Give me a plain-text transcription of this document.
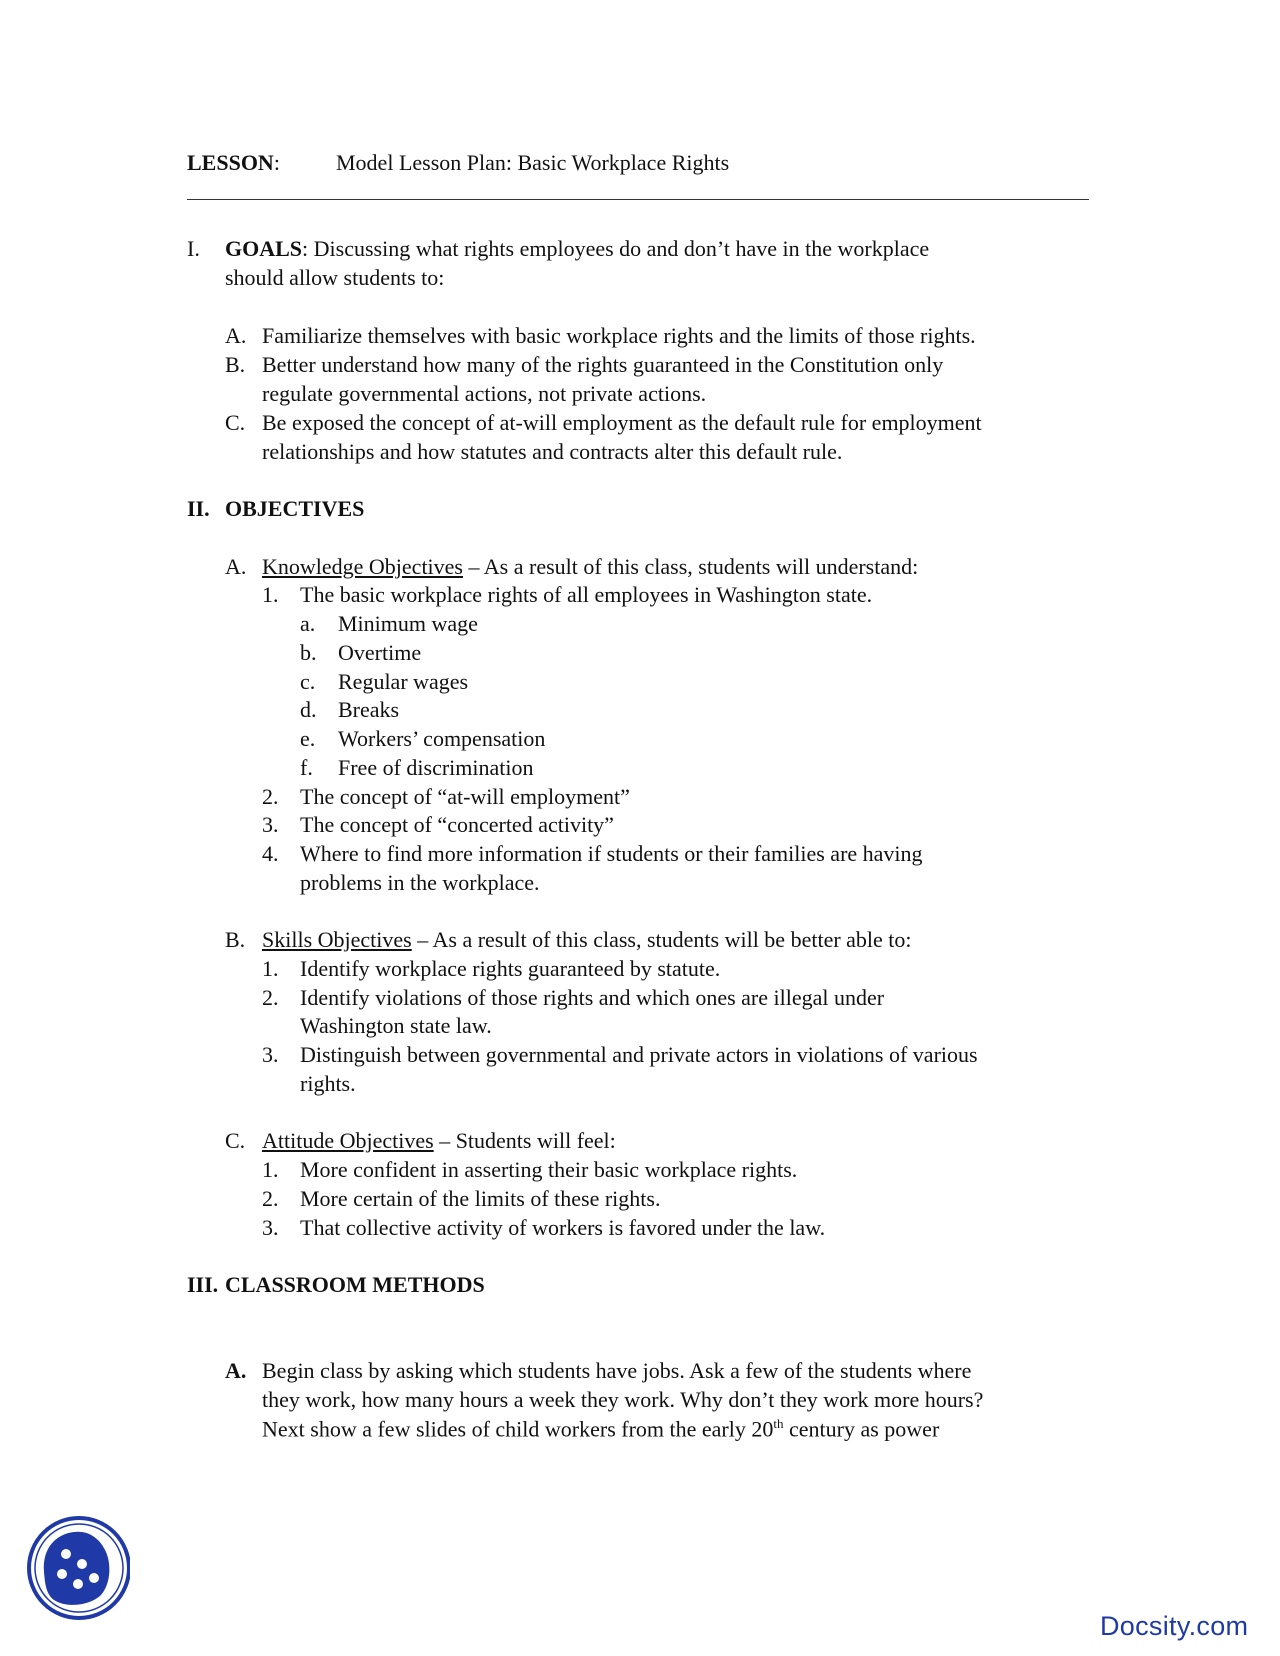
LESSON:	Model Lesson Plan: Basic Workplace Rights
I. GOALS: Discussing what rights employees do and don’t have in the workplace
should allow students to:
A. Familiarize themselves with basic workplace rights and the limits of those rights.
B. Better understand how many of the rights guaranteed in the Constitution only
regulate governmental actions, not private actions.
C. Be exposed the concept of at-will employment as the default rule for employment
relationships and how statutes and contracts alter this default rule.
II. OBJECTIVES
A. Knowledge Objectives – As a result of this class, students will understand:
1. The basic workplace rights of all employees in Washington state.
a. Minimum wage
b. Overtime
c. Regular wages
d. Breaks
e. Workers’ compensation
f. Free of discrimination
2. The concept of “at-will employment”
3. The concept of “concerted activity”
4. Where to find more information if students or their families are having
problems in the workplace.
B. Skills Objectives – As a result of this class, students will be better able to:
1. Identify workplace rights guaranteed by statute.
2. Identify violations of those rights and which ones are illegal under
Washington state law.
3. Distinguish between governmental and private actors in violations of various
rights.
C. Attitude Objectives – Students will feel:
1. More confident in asserting their basic workplace rights.
2. More certain of the limits of these rights.
3. That collective activity of workers is favored under the law.
III. CLASSROOM METHODS
A. Begin class by asking which students have jobs. Ask a few of the students where
they work, how many hours a week they work. Why don’t they work more hours?
Next show a few slides of child workers from the early 20th century as power
Docsity.com
